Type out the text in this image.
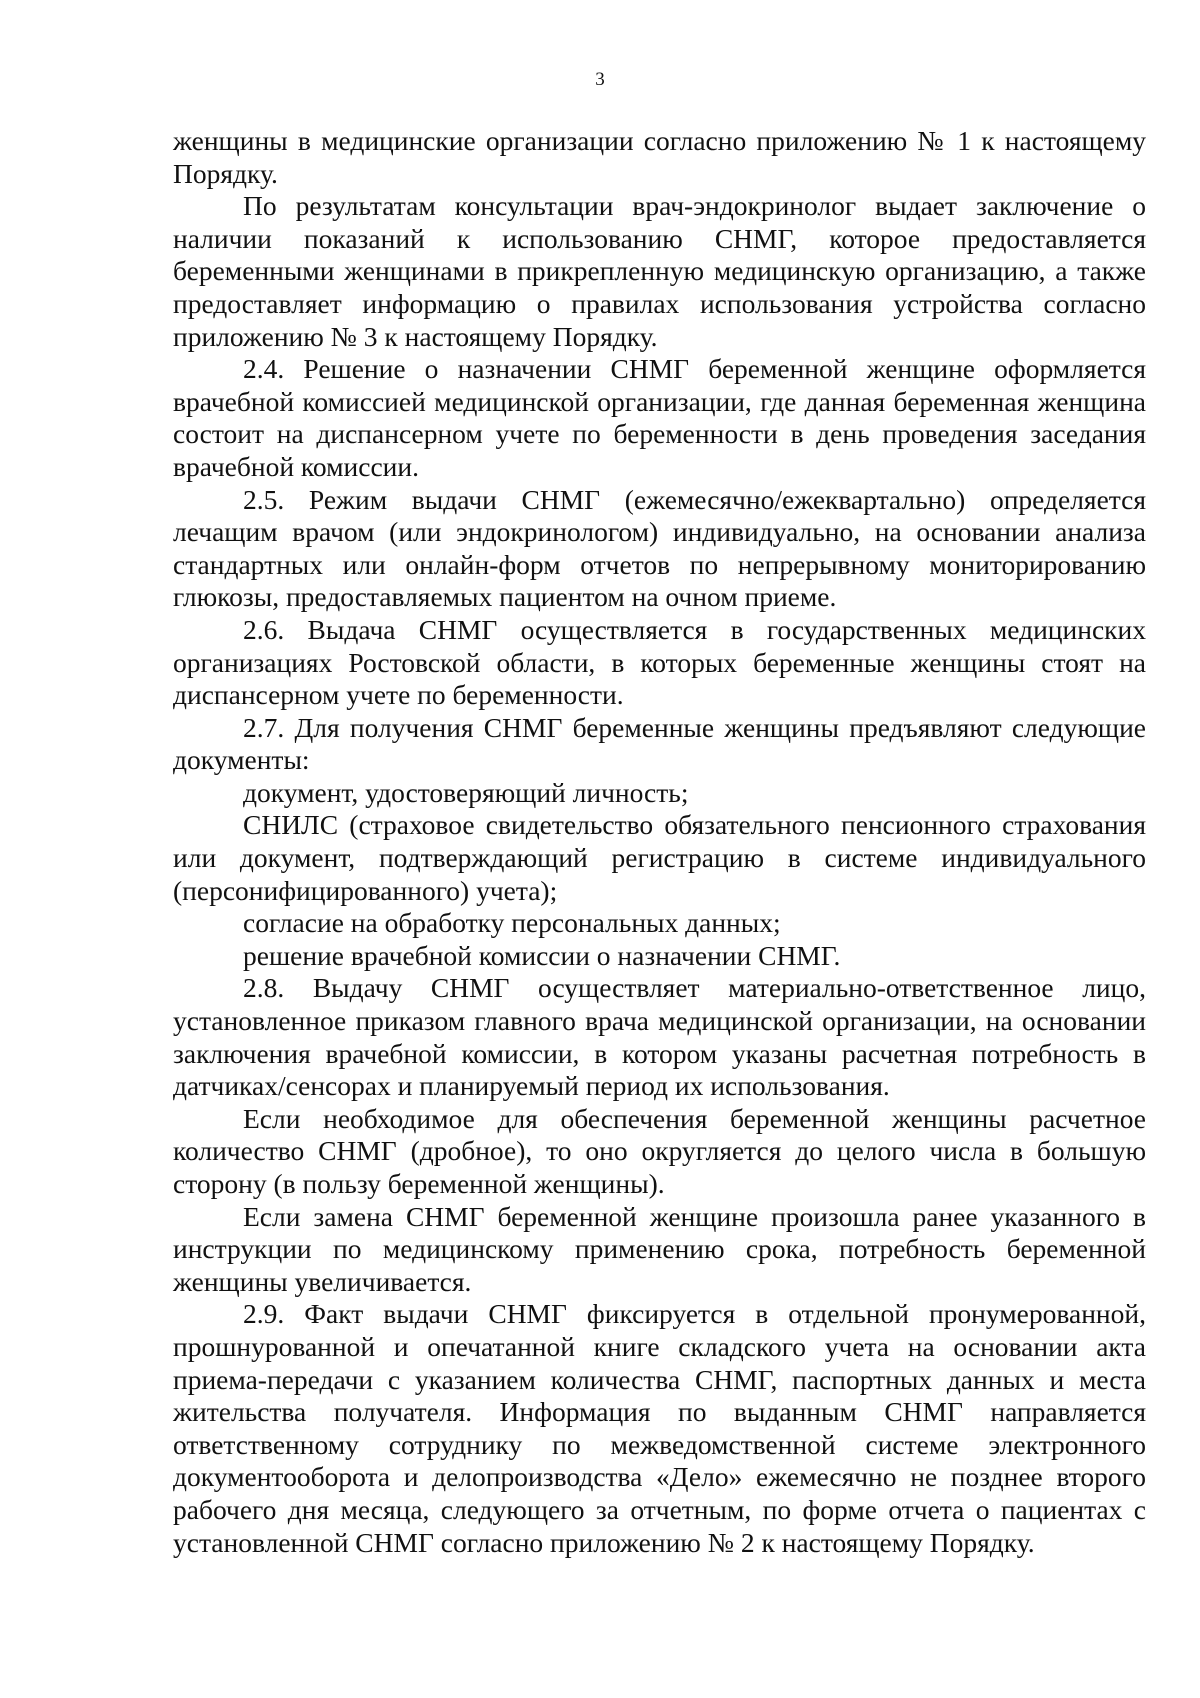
3

женщины в медицинские организации согласно приложению № 1 к настоящему Порядку.

По результатам консультации врач-эндокринолог выдает заключение о наличии показаний к использованию СНМГ, которое предоставляется беременными женщинами в прикрепленную медицинскую организацию, а также предоставляет информацию о правилах использования устройства согласно приложению № 3 к настоящему Порядку.

2.4. Решение о назначении СНМГ беременной женщине оформляется врачебной комиссией медицинской организации, где данная беременная женщина состоит на диспансерном учете по беременности в день проведения заседания врачебной комиссии.

2.5. Режим выдачи СНМГ (ежемесячно/ежеквартально) определяется лечащим врачом (или эндокринологом) индивидуально, на основании анализа стандартных или онлайн-форм отчетов по непрерывному мониторированию глюкозы, предоставляемых пациентом на очном приеме.

2.6. Выдача СНМГ осуществляется в государственных медицинских организациях Ростовской области, в которых беременные женщины стоят на диспансерном учете по беременности.

2.7. Для получения СНМГ беременные женщины предъявляют следующие документы:

документ, удостоверяющий личность;

СНИЛС (страховое свидетельство обязательного пенсионного страхования или документ, подтверждающий регистрацию в системе индивидуального (персонифицированного) учета);

согласие на обработку персональных данных;

решение врачебной комиссии о назначении СНМГ.

2.8. Выдачу СНМГ осуществляет материально-ответственное лицо, установленное приказом главного врача медицинской организации, на основании заключения врачебной комиссии, в котором указаны расчетная потребность в датчиках/сенсорах и планируемый период их использования.

Если необходимое для обеспечения беременной женщины расчетное количество СНМГ (дробное), то оно округляется до целого числа в большую сторону (в пользу беременной женщины).

Если замена СНМГ беременной женщине произошла ранее указанного в инструкции по медицинскому применению срока, потребность беременной женщины увеличивается.

2.9. Факт выдачи СНМГ фиксируется в отдельной пронумерованной, прошнурованной и опечатанной книге складского учета на основании акта приема-передачи с указанием количества СНМГ, паспортных данных и места жительства получателя. Информация по выданным СНМГ направляется ответственному сотруднику по межведомственной системе электронного документооборота и делопроизводства «Дело» ежемесячно не позднее второго рабочего дня месяца, следующего за отчетным, по форме отчета о пациентах с установленной СНМГ согласно приложению № 2 к настоящему Порядку.
